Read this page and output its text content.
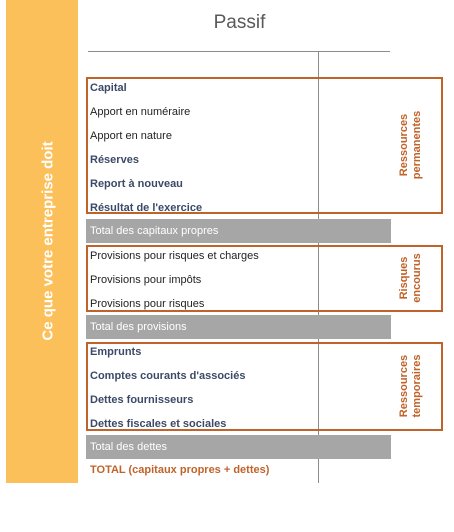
Ce que votre entreprise doit
Passif
Ressources permanentes
Capital
Apport en numéraire
Apport en nature
Réserves
Report à nouveau
Résultat de l'exercice
Total des capitaux propres
Risques encourus
Provisions pour risques et charges
Provisions pour impôts
Provisions pour risques
Total des provisions
Ressources temporaires
Emprunts
Comptes courants d'associés
Dettes fournisseurs
Dettes fiscales et sociales
Total des dettes
TOTAL (capitaux propres + dettes)
